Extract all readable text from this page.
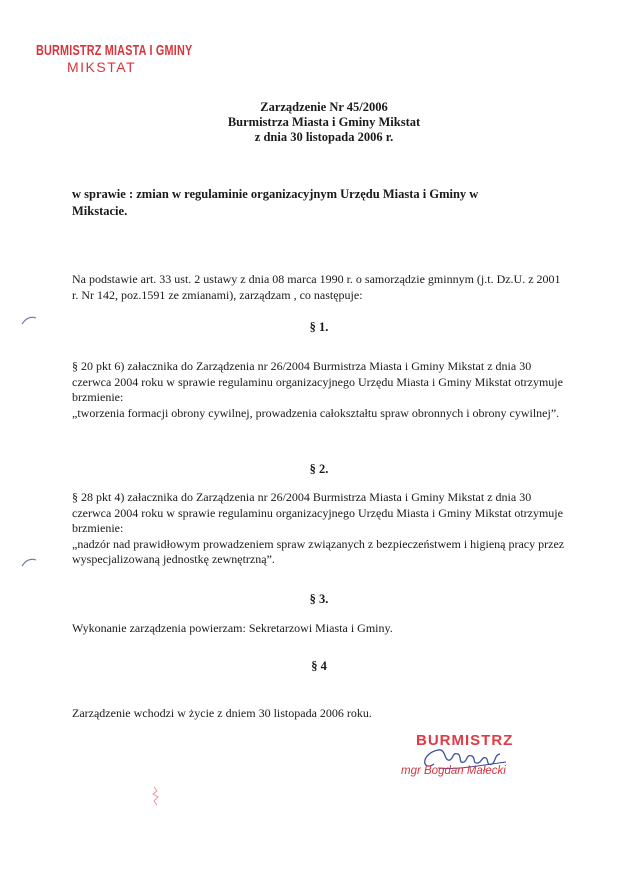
BURMISTRZ MIASTA I GMINY
MIKSTAT
Zarządzenie Nr 45/2006
Burmistrza Miasta i Gminy Mikstat
z dnia 30 listopada 2006 r.
w sprawie : zmian w regulaminie organizacyjnym Urzędu Miasta i Gminy w Mikstacie.
Na podstawie art. 33 ust. 2 ustawy z dnia 08 marca 1990 r. o samorządzie gminnym (j.t. Dz.U. z 2001 r. Nr 142, poz.1591 ze zmianami), zarządzam , co następuje:
§ 1.
§ 20 pkt 6) załacznika do Zarządzenia nr 26/2004 Burmistrza Miasta i Gminy Mikstat z dnia 30 czerwca 2004 roku w sprawie regulaminu organizacyjnego Urzędu Miasta i Gminy Mikstat otrzymuje brzmienie:
„tworzenia formacji obrony cywilnej, prowadzenia całokształtu spraw obronnych i obrony cywilnej”.
§ 2.
§ 28 pkt 4) załacznika do Zarządzenia nr 26/2004 Burmistrza Miasta i Gminy Mikstat z dnia 30 czerwca 2004 roku w sprawie regulaminu organizacyjnego Urzędu Miasta i Gminy Mikstat otrzymuje brzmienie:
„nadzór nad prawidłowym prowadzeniem spraw związanych z bezpieczeństwem i higieną pracy przez wyspecjalizowaną jednostkę zewnętrzną”.
§ 3.
Wykonanie zarządzenia powierzam: Sekretarzowi Miasta i Gminy.
§ 4
Zarządzenie wchodzi w życie z dniem 30 listopada 2006 roku.
BURMISTRZ
mgr Bogdan Małecki
